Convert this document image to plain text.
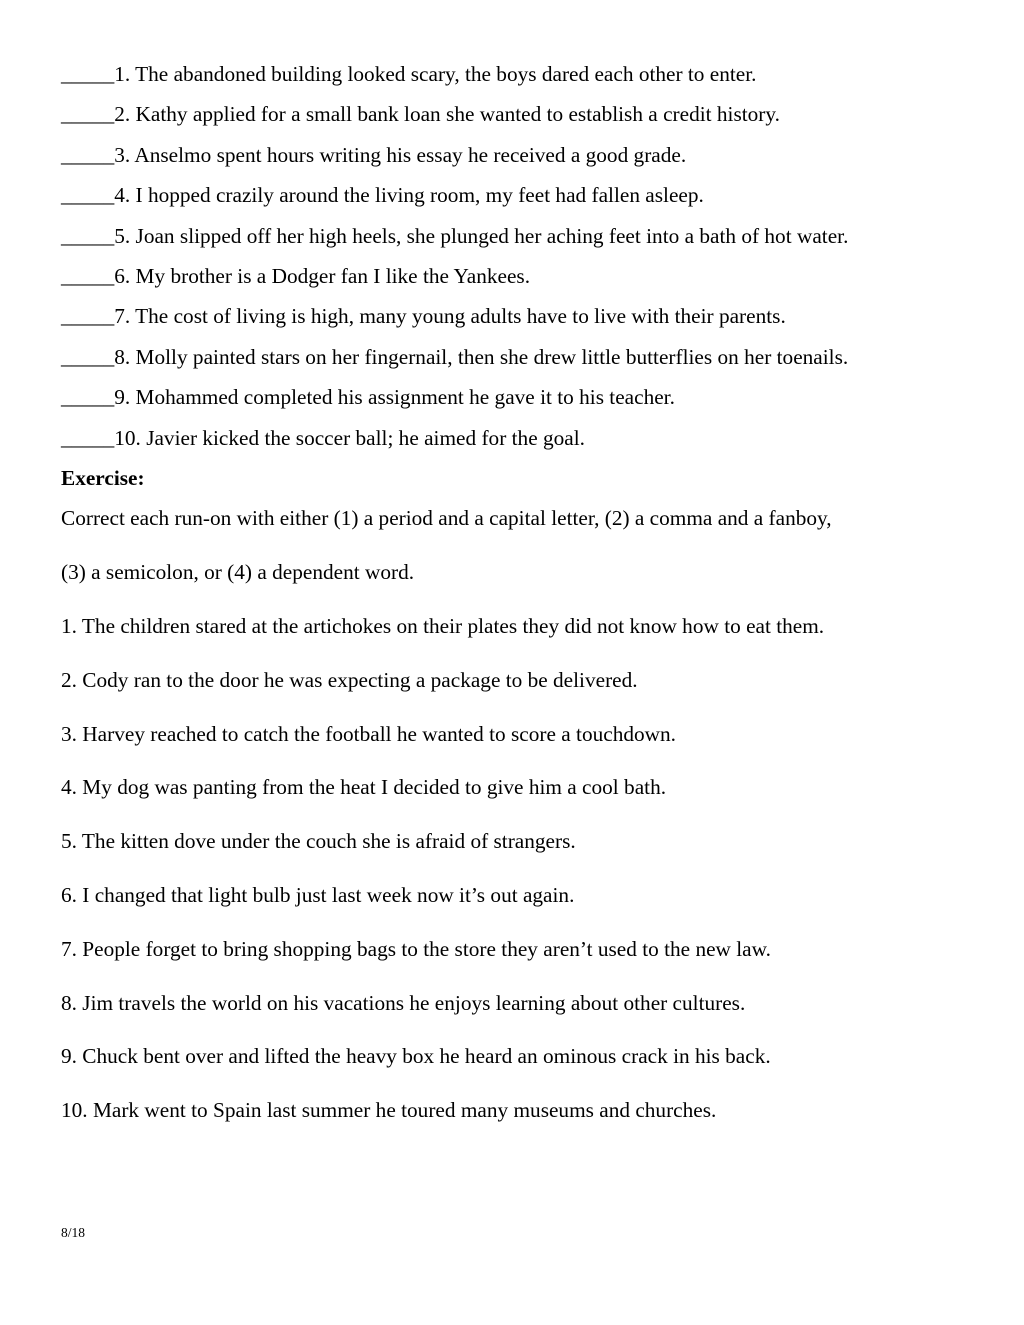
_____1. The abandoned building looked scary, the boys dared each other to enter.
_____2. Kathy applied for a small bank loan she wanted to establish a credit history.
_____3. Anselmo spent hours writing his essay he received a good grade.
_____4. I hopped crazily around the living room, my feet had fallen asleep.
_____5. Joan slipped off her high heels, she plunged her aching feet into a bath of hot water.
_____6. My brother is a Dodger fan I like the Yankees.
_____7. The cost of living is high, many young adults have to live with their parents.
_____8. Molly painted stars on her fingernail, then she drew little butterflies on her toenails.
_____9. Mohammed completed his assignment he gave it to his teacher.
_____10. Javier kicked the soccer ball; he aimed for the goal.
Exercise:
Correct each run-on with either (1) a period and a capital letter, (2) a comma and a fanboy,
(3) a semicolon, or (4) a dependent word.
1. The children stared at the artichokes on their plates they did not know how to eat them.
2. Cody ran to the door he was expecting a package to be delivered.
3. Harvey reached to catch the football he wanted to score a touchdown.
4. My dog was panting from the heat I decided to give him a cool bath.
5. The kitten dove under the couch she is afraid of strangers.
6. I changed that light bulb just last week now it’s out again.
7. People forget to bring shopping bags to the store they aren’t used to the new law.
8. Jim travels the world on his vacations he enjoys learning about other cultures.
9. Chuck bent over and lifted the heavy box he heard an ominous crack in his back.
10. Mark went to Spain last summer he toured many museums and churches.
8/18
